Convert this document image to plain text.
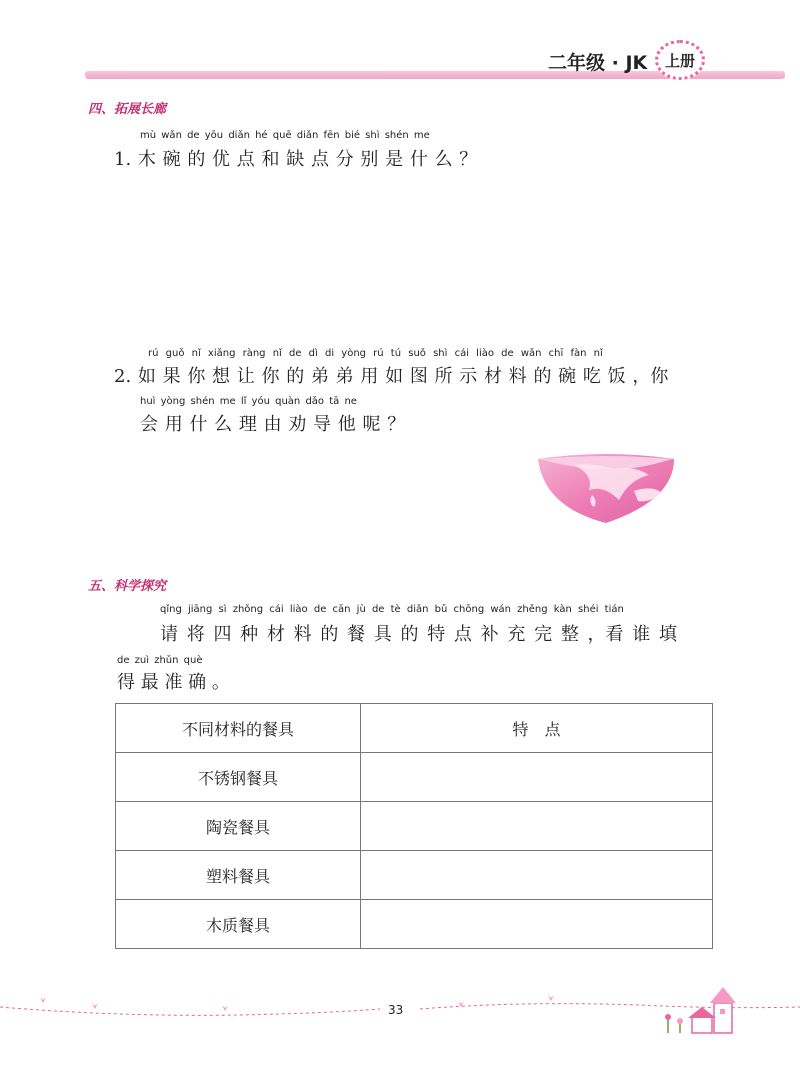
二年级 · JK 上册
四、拓展长廊
mù wǎn de yōu diǎn hé quē diǎn fēn bié shì shén me
1. 木 碗 的 优 点 和 缺 点 分 别 是 什 么 ？
rú guǒ nǐ xiǎng ràng nǐ de dì di yòng rú tú suǒ shì cái liào de wǎn chī fàn nǐ
2. 如 果 你 想 让 你 的 弟 弟 用 如 图 所 示 材 料 的 碗 吃 饭 ，你
huì yòng shén me lǐ yóu quàn dǎo tā ne
会 用 什 么 理 由 劝 导 他 呢 ？
五、科学探究
qǐng jiāng sì zhǒng cái liào de cān jù de tè diǎn bǔ chōng wán zhěng kàn shéi tián
请 将 四 种 材 料 的 餐 具 的 特 点 补 充 完 整 ，看 谁 填
de zuì zhǔn què
得 最 准 确 。
不同材料的餐具	特　点
不锈钢餐具	
陶瓷餐具	
塑料餐具	
木质餐具	
33
